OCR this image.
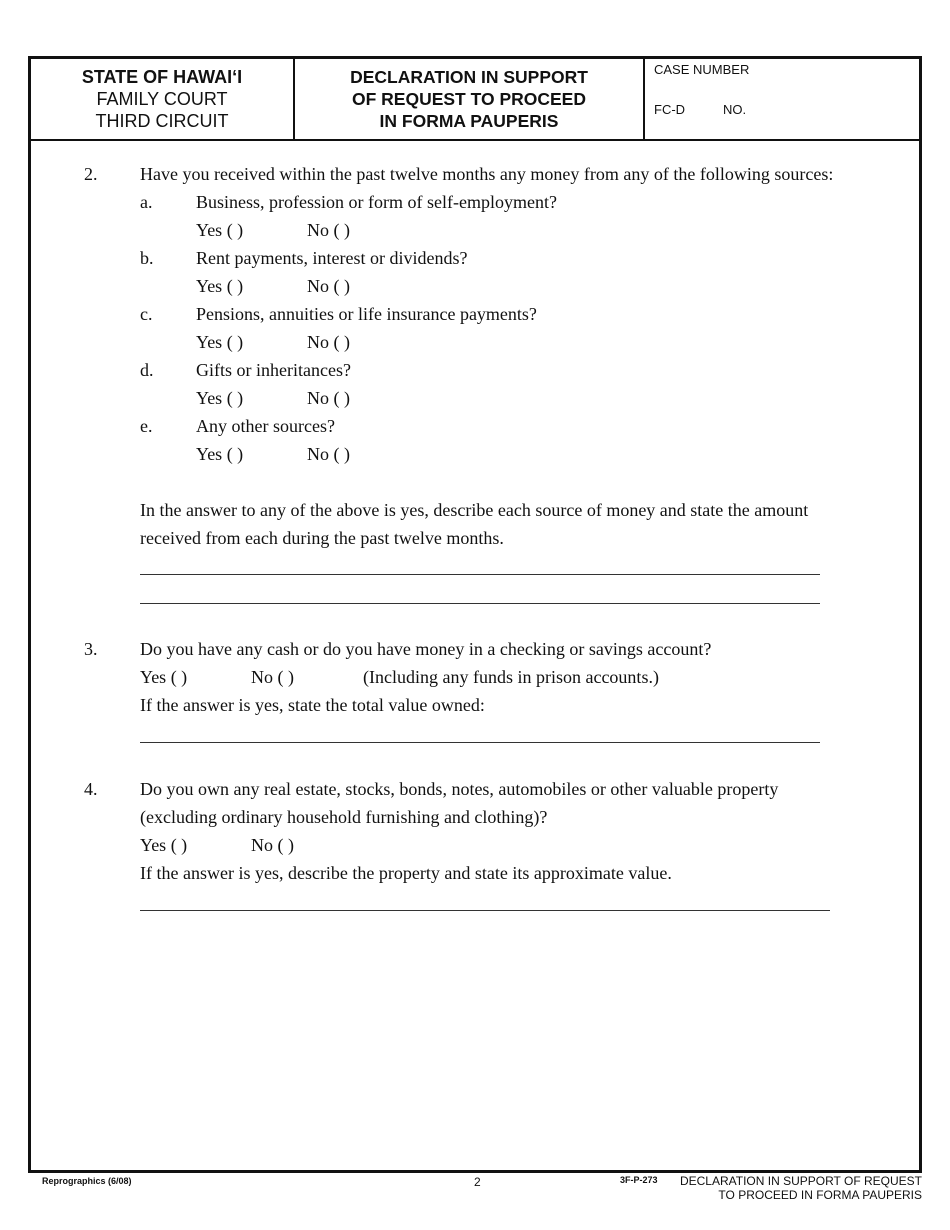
STATE OF HAWAI‘I
FAMILY COURT
THIRD CIRCUIT
DECLARATION IN SUPPORT
OF REQUEST TO PROCEED
IN FORMA PAUPERIS
CASE NUMBER
FC-D	NO.
2. Have you received within the past twelve months any money from any of the following sources:
a. Business, profession or form of self-employment?
Yes ( )	No ( )
b. Rent payments, interest or dividends?
Yes ( )	No ( )
c. Pensions, annuities or life insurance payments?
Yes ( )	No ( )
d. Gifts or inheritances?
Yes ( )	No ( )
e. Any other sources?
Yes ( )	No ( )
In the answer to any of the above is yes, describe each source of money and state the amount
received from each during the past twelve months.
3. Do you have any cash or do you have money in a checking or savings account?
Yes ( )	No ( )	(Including any funds in prison accounts.)
If the answer is yes, state the total value owned:
4. Do you own any real estate, stocks, bonds, notes, automobiles or other valuable property
(excluding ordinary household furnishing and clothing)?
Yes ( )	No ( )
If the answer is yes, describe the property and state its approximate value.
Reprographics (6/08)	2	3F-P-273 DECLARATION IN SUPPORT OF REQUEST
TO PROCEED IN FORMA PAUPERIS
